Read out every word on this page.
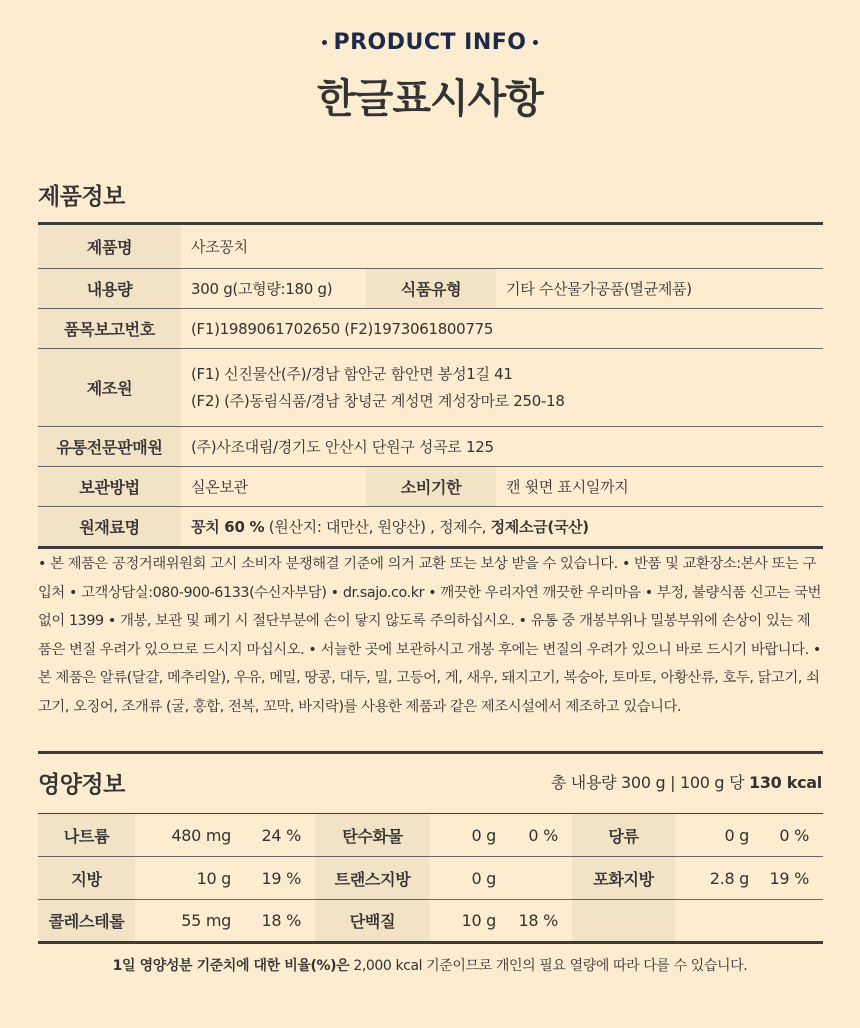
PRODUCT INFO
한글표시사항
제품정보
제품명	사조꽁치		
내용량	300 g(고형량:180 g)	식품유형	기타 수산물가공품(멸균제품)
품목보고번호	(F1)1989061702650 (F2)1973061800775		
제조원	(F1) 신진물산(주)/경남 함안군 함안면 봉성1길 41
(F2) (주)동림식품/경남 창녕군 계성면 계성장마로 250-18		

유통전문판매원	(주)사조대림/경기도 안산시 단원구 성곡로 125		
보관방법	실온보관	소비기한	캔 윗면 표시일까지
원재료명	꽁치 60 % (원산지: 대만산, 원양산) , 정제수, 정제소금(국산)		
• 본 제품은 공정거래위원회 고시 소비자 분쟁해결 기준에 의거 교환 또는 보상 받을 수 있습니다. • 반품 및 교환장소:본사 또는 구입처 • 고객상담실:080-900-6133(수신자부담) • dr.sajo.co.kr • 깨끗한 우리자연 깨끗한 우리마음 • 부정, 불량식품 신고는 국번없이 1399 • 개봉, 보관 및 폐기 시 절단부분에 손이 닿지 않도록 주의하십시오. • 유통 중 개봉부위나 밀봉부위에 손상이 있는 제품은 변질 우려가 있으므로 드시지 마십시오. • 서늘한 곳에 보관하시고 개봉 후에는 변질의 우려가 있으니 바로 드시기 바랍니다. • 본 제품은 알류(달걀, 메추리알), 우유, 메밀, 땅콩, 대두, 밀, 고등어, 게, 새우, 돼지고기, 복숭아, 토마토, 아황산류, 호두, 닭고기, 쇠고기, 오징어, 조개류 (굴, 홍합, 전복, 꼬막, 바지락)를 사용한 제품과 같은 제조시설에서 제조하고 있습니다.
영양정보	총 내용량 300 g | 100 g 당 130 kcal
나트륨	480 mg	24 %	탄수화물	0 g	0 %	당류	0 g	0 %
지방	10 g	19 %	트랜스지방	0 g		포화지방	2.8 g	19 %
콜레스테롤	55 mg	18 %	단백질	10 g	18 %			
1일 영양성분 기준치에 대한 비율(%)은 2,000 kcal 기준이므로 개인의 필요 열량에 따라 다를 수 있습니다.
